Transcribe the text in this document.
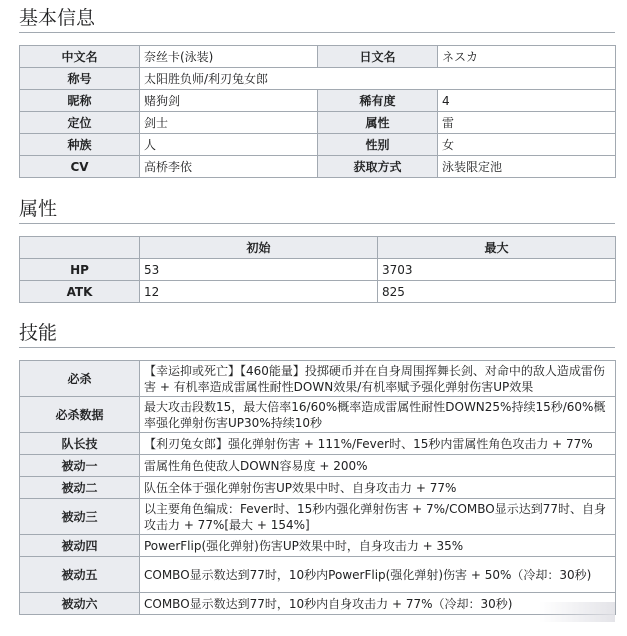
基本信息
中文名	奈丝卡(泳装)	日文名	ネスカ
称号	太阳胜负师/利刃兔女郎		
昵称	赌狗剑	稀有度	4
定位	剑士	属性	雷
种族	人	性别	女
CV	高桥李依	获取方式	泳装限定池
属性
	初始	最大
HP	53	3703
ATK	12	825
技能
必杀	【幸运抑或死亡】【460能量】投掷硬币并在自身周围挥舞长剑、对命中的敌人造成雷伤害 + 有机率造成雷属性耐性DOWN效果/有机率赋予强化弹射伤害UP效果
必杀数据	最大攻击段数15，最大倍率16/60%概率造成雷属性耐性DOWN25%持续15秒/60%概率强化弹射伤害UP30%持续10秒
队长技	【利刃兔女郎】强化弹射伤害 + 111%/Fever时、15秒内雷属性角色攻击力 + 77%
被动一	雷属性角色使敌人DOWN容易度 + 200%
被动二	队伍全体于强化弹射伤害UP效果中时、自身攻击力 + 77%
被动三	以主要角色编成：Fever时、15秒内强化弹射伤害 + 7%/COMBO显示达到77时、自身攻击力 + 77%[最大 + 154%]
被动四	PowerFlip(强化弹射)伤害UP效果中时，自身攻击力 + 35%
被动五	COMBO显示数达到77时，10秒内PowerFlip(强化弹射)伤害 + 50%（冷却：30秒)
被动六	COMBO显示数达到77时，10秒内自身攻击力 + 77%（冷却：30秒)
